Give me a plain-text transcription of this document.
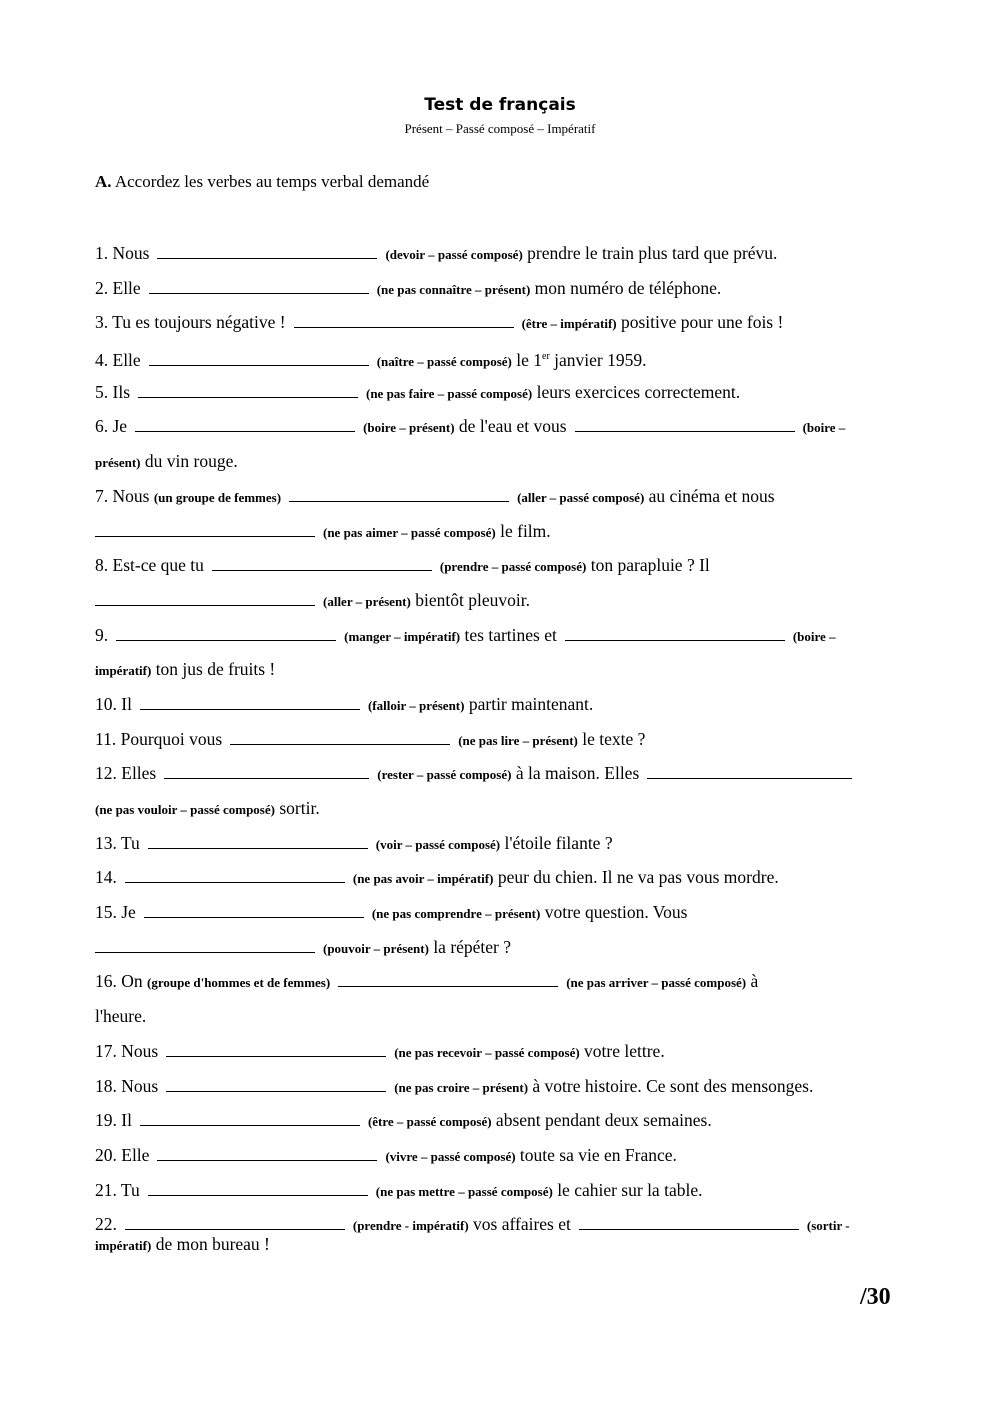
Test de français
Présent – Passé composé – Impératif
A. Accordez les verbes au temps verbal demandé
1. Nous	(devoir – passé composé) prendre le train plus tard que prévu.
2. Elle	(ne pas connaître – présent) mon numéro de téléphone.
3. Tu es toujours négative !	(être – impératif) positive pour une fois !
4. Elle	(naître – passé composé) le 1er janvier 1959.
5. Ils	(ne pas faire – passé composé) leurs exercices correctement.
6. Je	(boire – présent) de l'eau et vous	(boire –
présent) du vin rouge.
7. Nous (un groupe de femmes)	(aller – passé composé) au cinéma et nous
(ne pas aimer – passé composé) le film.
8. Est-ce que tu	(prendre – passé composé) ton parapluie ? Il
(aller – présent) bientôt pleuvoir.
9.	(manger – impératif) tes tartines et	(boire –
impératif) ton jus de fruits !
10. Il	(falloir – présent) partir maintenant.
11. Pourquoi vous	(ne pas lire – présent) le texte ?
12. Elles	(rester – passé composé) à la maison. Elles
(ne pas vouloir – passé composé) sortir.
13. Tu	(voir – passé composé) l'étoile filante ?
14.	(ne pas avoir – impératif) peur du chien. Il ne va pas vous mordre.
15. Je	(ne pas comprendre – présent) votre question. Vous
(pouvoir – présent) la répéter ?
16. On (groupe d'hommes et de femmes)	(ne pas arriver – passé composé) à
l'heure.
17. Nous	(ne pas recevoir – passé composé) votre lettre.
18. Nous	(ne pas croire – présent) à votre histoire. Ce sont des mensonges.
19. Il	(être – passé composé) absent pendant deux semaines.
20. Elle	(vivre – passé composé) toute sa vie en France.
21. Tu	(ne pas mettre – passé composé) le cahier sur la table.
22.	(prendre - impératif) vos affaires et	(sortir -
impératif) de mon bureau !
/30
